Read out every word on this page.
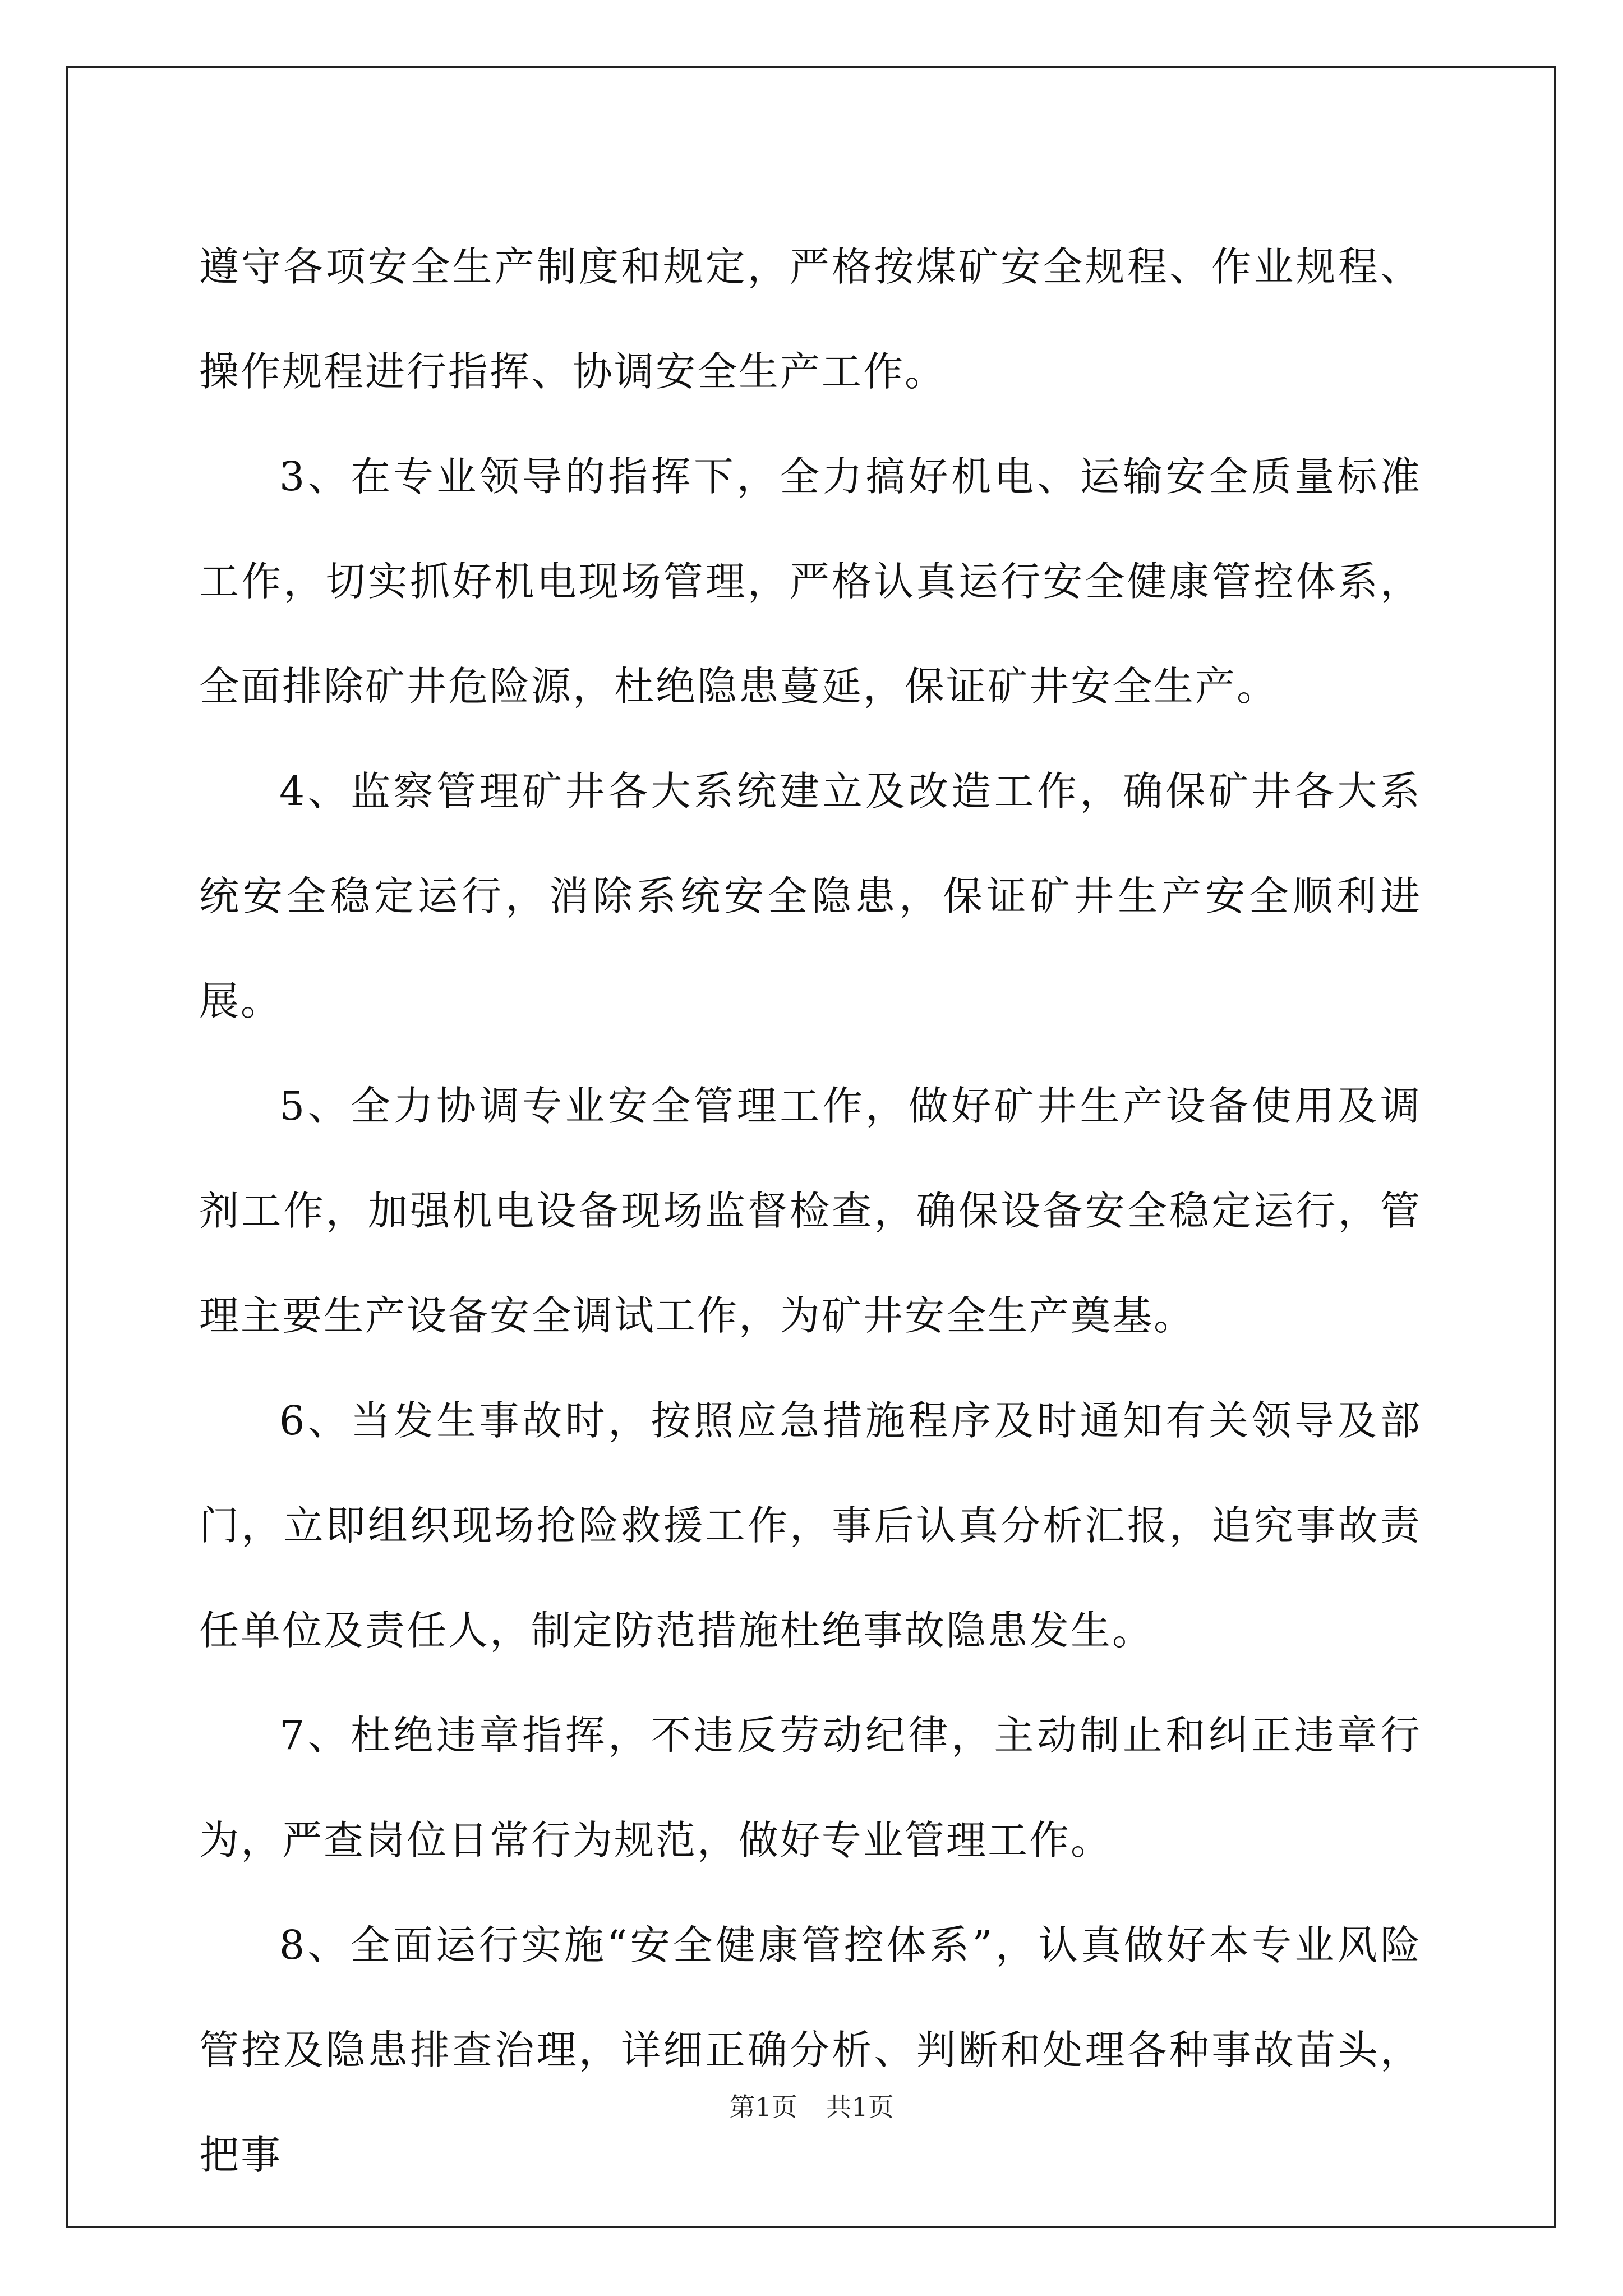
遵守各项安全生产制度和规定，严格按煤矿安全规程、作业规程、操作规程进行指挥、协调安全生产工作。

3、在专业领导的指挥下，全力搞好机电、运输安全质量标准工作，切实抓好机电现场管理，严格认真运行安全健康管控体系，全面排除矿井危险源，杜绝隐患蔓延，保证矿井安全生产。

4、监察管理矿井各大系统建立及改造工作，确保矿井各大系统安全稳定运行，消除系统安全隐患，保证矿井生产安全顺利进展。

5、全力协调专业安全管理工作，做好矿井生产设备使用及调剂工作，加强机电设备现场监督检查，确保设备安全稳定运行，管理主要生产设备安全调试工作，为矿井安全生产奠基。

6、当发生事故时，按照应急措施程序及时通知有关领导及部门，立即组织现场抢险救援工作，事后认真分析汇报，追究事故责任单位及责任人，制定防范措施杜绝事故隐患发生。

7、杜绝违章指挥，不违反劳动纪律，主动制止和纠正违章行为，严查岗位日常行为规范，做好专业管理工作。

8、全面运行实施“安全健康管控体系”，认真做好本专业风险管控及隐患排查治理，详细正确分析、判断和处理各种事故苗头，把事

第1页 共1页
